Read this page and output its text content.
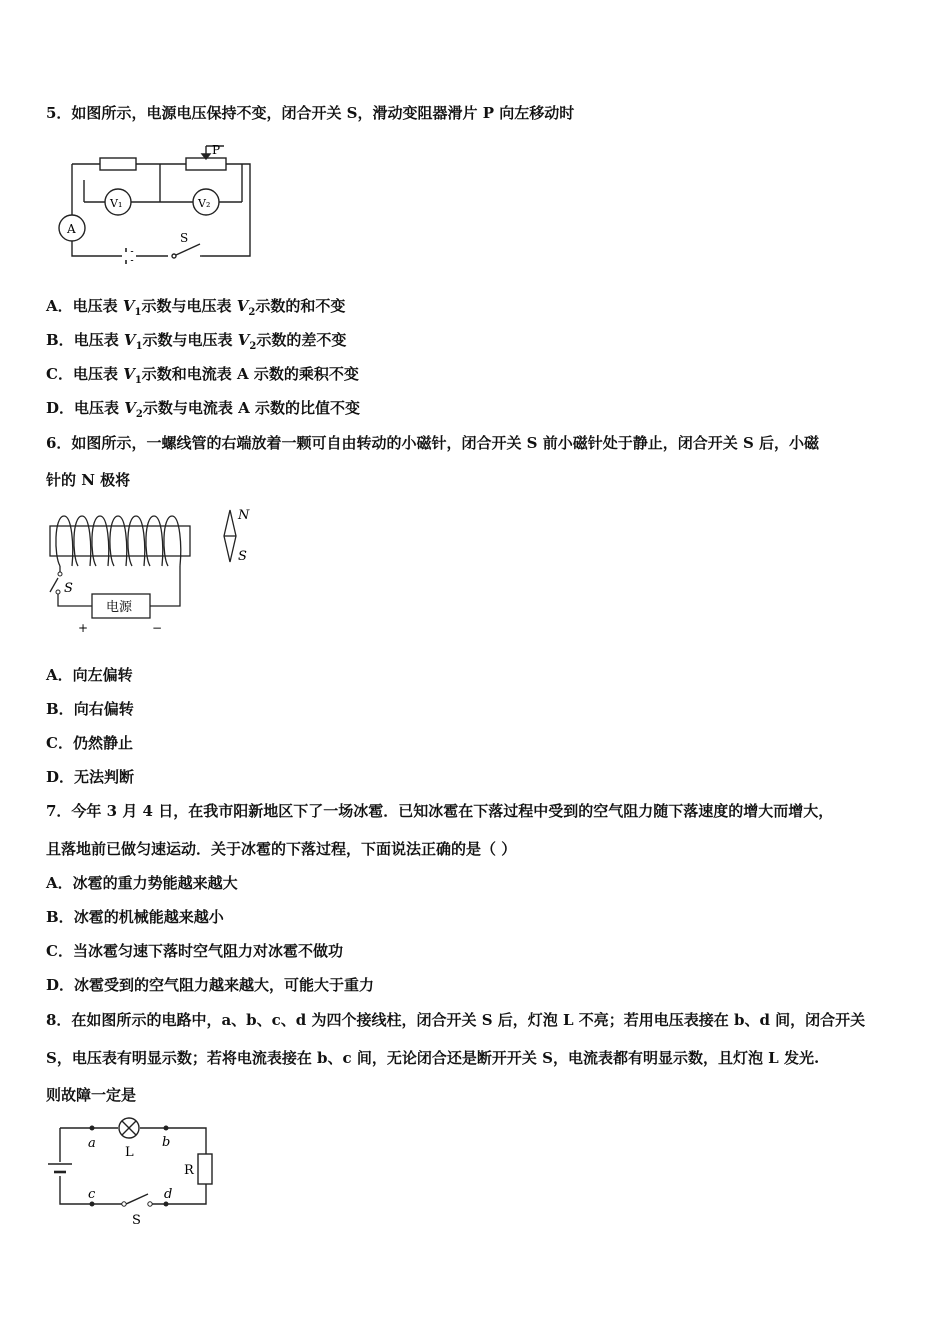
5．如图所示，电源电压保持不变，闭合开关 S，滑动变阻器滑片 P 向左移动时
P
V₁	V₂
A
S
A．电压表 $V_1$示数与电压表 $V_2$示数的和不变
B．电压表 $V_1$示数与电压表 $V_2$示数的差不变
C．电压表 $V_1$示数和电流表 A 示数的乘积不变
D．电压表 $V_2$示数与电流表 A 示数的比值不变
6．如图所示，一螺线管的右端放着一颗可自由转动的小磁针，闭合开关 S 前小磁针处于静止，闭合开关 S 后，小磁
针的 N 极将
N
S
S
电源
+	−
A．向左偏转
B．向右偏转
C．仍然静止
D．无法判断
7．今年 3 月 4 日，在我市阳新地区下了一场冰雹．已知冰雹在下落过程中受到的空气阻力随下落速度的增大而增大，
且落地前已做匀速运动．关于冰雹的下落过程，下面说法正确的是（ ）
A．冰雹的重力势能越来越大
B．冰雹的机械能越来越小
C．当冰雹匀速下落时空气阻力对冰雹不做功
D．冰雹受到的空气阻力越来越大，可能大于重力
8．在如图所示的电路中，a、b、c、d 为四个接线柱，闭合开关 S 后，灯泡 L 不亮；若用电压表接在 b、d 间，闭合开关
S，电压表有明显示数；若将电流表接在 b、c 间，无论闭合还是断开开关 S，电流表都有明显示数，且灯泡 L 发光.
则故障一定是
a	b
c	d
L
R
S
